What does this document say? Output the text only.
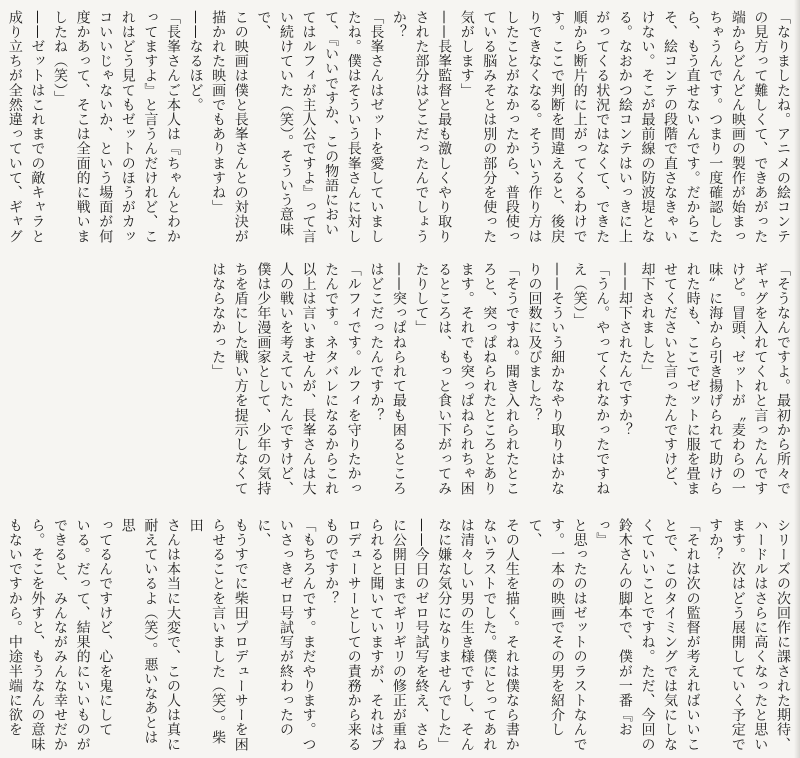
「なりましたね。アニメの絵コンテ

の見方って難しくて、できあがった

端からどんどん映画の製作が始まっ

ちゃうんです。つまり一度確認した

ら、もう直せないんです。だからこ

そ、絵コンテの段階で直さなきゃい

けない。そこが最前線の防波堤とな

る。なおかつ絵コンテはいっきに上

がってくる状況ではなくて、できた

順から断片的に上がってくるわけで

す。ここで判断を間違えると、後戻

りできなくなる。そういう作り方は

したことがなかったから、普段使っ

ている脳みそとは別の部分を使った

気がします」

——長峯監督と最も激しくやり取り

された部分はどこだったんでしょう

か？

「長峯さんはゼットを愛していまし

たね。僕はそういう長峯さんに対し

て、『いいですか、この物語におい

てはルフィが主人公ですよ』って言

い続けていた（笑）。そういう意味で、

この映画は僕と長峯さんとの対決が

描かれた映画でもありますね」

——なるほど。

「長峯さんご本人は『ちゃんとわか

ってますよ』と言うんだけれど、こ

れはどう見てもゼットのほうがカッ

コいいじゃないか、という場面が何

度かあって、そこは全面的に戦いま

したね（笑）」

——ゼットはこれまでの敵キャラと

成り立ちが全然違っていて、ギャグ

「そうなんですよ。最初から所々で

ギャグを入れてくれと言ったんです

けど。冒頭、ゼットが〝麦わらの一

味〟に海から引き揚げられて助けら

れた時も、ここでゼットに服を畳ま

せてくださいと言ったんですけど、

却下されました」

——却下されたんですか？

「うん。やってくれなかったですね

え（笑）」

——そういう細かなやり取りはかな

りの回数に及びました？

「そうですね。聞き入れられたとこ

ろと、突っぱねられたところとあり

ます。それでも突っぱねられちゃ困

るところは、もっと食い下がってみ

たりして」

——突っぱねられて最も困るところ

はどこだったんですか？

「ルフィです。ルフィを守りたかっ

たんです。ネタバレになるからこれ

以上は言いませんが、長峯さんは大

人の戦いを考えていたんですけど、

僕は少年漫画家として、少年の気持

ちを盾にした戦い方を提示しなくて

はならなかった」

シリーズの次回作に課された期待、

ハードルはさらに高くなったと思い

ます。次はどう展開していく予定で

すか？

「それは次の監督が考えればいいこ

とで、このタイミングでは気にしな

くていいことですね。ただ、今回の

鈴木さんの脚本で、僕が一番『おっ』

と思ったのはゼットのラストなんで

す。一本の映画でその男を紹介して、

その人生を描く。それは僕なら書か

ないラストでした。僕にとってあれ

は清々しい男の生き様ですし、そん

なに嫌な気分になりませんでした」

——今日のゼロ号試写を終え、さら

に公開日までギリギリの修正が重ね

られると聞いていますが、それはプ

ロデューサーとしての責務から来る

ものですか？

「もちろんです。まだやります。つ

いさっきゼロ号試写が終わったのに、

もうすでに柴田プロデューサーを困

らせることを言いました（笑）。柴田

さんは本当に大変で、この人は真に

耐えているよ（笑）。悪いなあとは思

ってるんですけど、心を鬼にして

いる。だって、結果的にいいものが

できると、みんながみんな幸せだか

ら。そこを外すと、もうなんの意味

もないですから。中途半端に欲を
